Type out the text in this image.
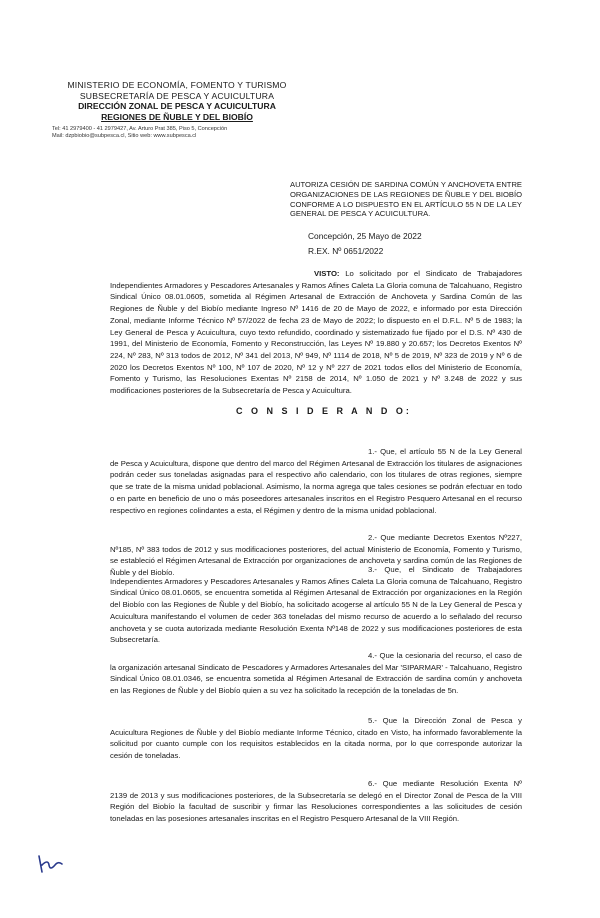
MINISTERIO DE ECONOMÍA, FOMENTO Y TURISMO
SUBSECRETARÍA DE PESCA Y ACUICULTURA
DIRECCIÓN ZONAL DE PESCA Y ACUICULTURA
REGIONES DE ÑUBLE Y DEL BIOBÍO
Tel: 41 2979400 - 41 2979427, Av. Arturo Prat 385, Piso 5, Concepción
Mail: dzpbiobio@subpesca.cl, Sitio web: www.subpesca.cl
AUTORIZA CESIÓN DE SARDINA COMÚN Y ANCHOVETA ENTRE ORGANIZACIONES DE LAS REGIONES DE ÑUBLE Y DEL BIOBÍO CONFORME A LO DISPUESTO EN EL ARTÍCULO 55 N DE LA LEY GENERAL DE PESCA Y ACUICULTURA.
Concepción, 25 Mayo de 2022
R.EX. Nº 0651/2022
VISTO: Lo solicitado por el Sindicato de Trabajadores Independientes Armadores y Pescadores Artesanales y Ramos Afines Caleta La Gloria comuna de Talcahuano, Registro Sindical Único 08.01.0605, sometida al Régimen Artesanal de Extracción de Anchoveta y Sardina Común de las Regiones de Ñuble y del Biobío mediante Ingreso Nº 1416 de 20 de Mayo de 2022, e informado por esta Dirección Zonal, mediante Informe Técnico Nº 57/2022 de fecha 23 de Mayo de 2022; lo dispuesto en el D.F.L. Nº 5 de 1983; la Ley General de Pesca y Acuicultura, cuyo texto refundido, coordinado y sistematizado fue fijado por el D.S. Nº 430 de 1991, del Ministerio de Economía, Fomento y Reconstrucción, las Leyes Nº 19.880 y 20.657; los Decretos Exentos Nº 224, Nº 283, Nº 313 todos de 2012, Nº 341 del 2013, Nº 949, Nº 1114 de 2018, Nº 5 de 2019, Nº 323 de 2019 y Nº 6 de 2020 los Decretos Exentos Nº 100, Nº 107 de 2020, Nº 12 y Nº 227 de 2021 todos ellos del Ministerio de Economía, Fomento y Turismo, las Resoluciones Exentas Nº 2158 de 2014, Nº 1.050 de 2021 y Nº 3.248 de 2022 y sus modificaciones posteriores de la Subsecretaría de Pesca y Acuicultura.
C O N S I D E R A N D O:
1.- Que, el artículo 55 N de la Ley General de Pesca y Acuicultura, dispone que dentro del marco del Régimen Artesanal de Extracción los titulares de asignaciones podrán ceder sus toneladas asignadas para el respectivo año calendario, con los titulares de otras regiones, siempre que se trate de la misma unidad poblacional. Asimismo, la norma agrega que tales cesiones se podrán efectuar en todo o en parte en beneficio de uno o más poseedores artesanales inscritos en el Registro Pesquero Artesanal en el recurso respectivo en regiones colindantes a esta, el Régimen y dentro de la misma unidad poblacional.
2.- Que mediante Decretos Exentos Nº227, Nº185, Nº 383 todos de 2012 y sus modificaciones posteriores, del actual Ministerio de Economía, Fomento y Turismo, se estableció el Régimen Artesanal de Extracción por organizaciones de anchoveta y sardina común de las Regiones de Ñuble y del Biobío.	3.- Que, el Sindicato de Trabajadores Independientes Armadores y Pescadores Artesanales y Ramos Afines Caleta La Gloria comuna de Talcahuano, Registro Sindical Único 08.01.0605, se encuentra sometida al Régimen Artesanal de Extracción por organizaciones en la Región del Biobío con las Regiones de Ñuble y del Biobío, ha solicitado acogerse al artículo 55 N de la Ley General de Pesca y Acuicultura manifestando el volumen de ceder 363 toneladas del mismo recurso de acuerdo a lo señalado del recurso anchoveta y se cuota autorizada mediante Resolución Exenta Nº148 de 2022 y sus modificaciones posteriores de esta Subsecretaría.
4.- Que la cesionaria del recurso, el caso de la organización artesanal Sindicato de Pescadores y Armadores Artesanales del Mar 'SIPARMAR' - Talcahuano, Registro Sindical Único 08.01.0346, se encuentra sometida al Régimen Artesanal de Extracción de sardina común y anchoveta en las Regiones de Ñuble y del Biobío quien a su vez ha solicitado la recepción de la toneladas de 5n.
5.- Que la Dirección Zonal de Pesca y Acuicultura Regiones de Ñuble y del Biobío mediante Informe Técnico, citado en Visto, ha informado favorablemente la solicitud por cuanto cumple con los requisitos establecidos en la citada norma, por lo que corresponde autorizar la cesión de toneladas.
6.- Que mediante Resolución Exenta Nº 2139 de 2013 y sus modificaciones posteriores, de la Subsecretaría se delegó en el Director Zonal de Pesca de la VIII Región del Biobío la facultad de suscribir y firmar las Resoluciones correspondientes a las solicitudes de cesión toneladas en las posesiones artesanales inscritas en el Registro Pesquero Artesanal de la VIII Región.
